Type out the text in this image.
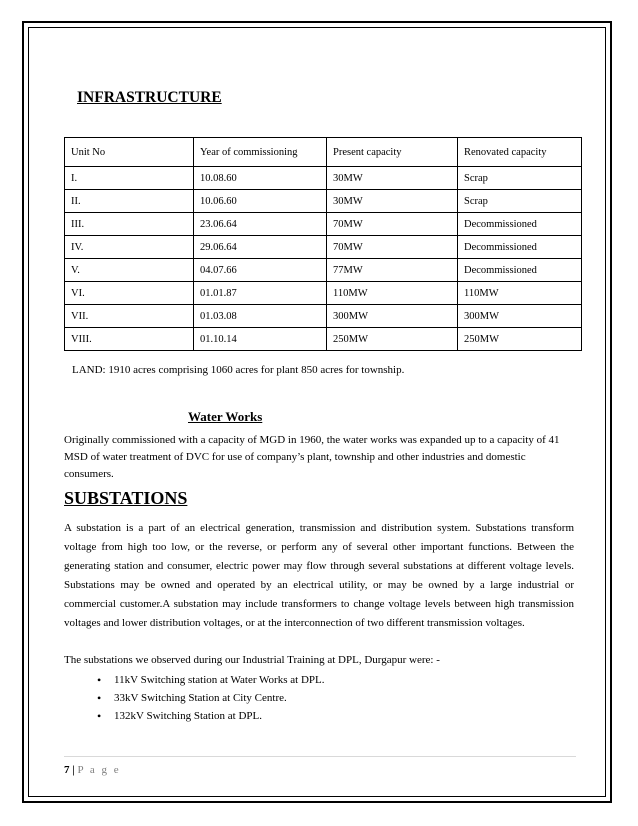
INFRASTRUCTURE
Unit No	Year of commissioning	Present capacity	Renovated capacity
I.	10.08.60	30MW	Scrap
II.	10.06.60	30MW	Scrap
III.	23.06.64	70MW	Decommissioned
IV.	29.06.64	70MW	Decommissioned
V.	04.07.66	77MW	Decommissioned
VI.	01.01.87	110MW	110MW
VII.	01.03.08	300MW	300MW
VIII.	01.10.14	250MW	250MW
LAND: 1910 acres comprising 1060 acres for plant 850 acres for township.
Water Works
Originally commissioned with a capacity of MGD in 1960, the water works was expanded up to a capacity of 41 MSD of water treatment of DVC for use of company’s plant, township and other industries and domestic consumers.
SUBSTATIONS
A substation is a part of an electrical generation, transmission and distribution system. Substations transform voltage from high too low, or the reverse, or perform any of several other important functions. Between the generating station and consumer, electric power may flow through several substations at different voltage levels. Substations may be owned and operated by an electrical utility, or may be owned by a large industrial or commercial customer.A substation may include transformers to change voltage levels between high transmission voltages and lower distribution voltages, or at the interconnection of two different transmission voltages.
The substations we observed during our Industrial Training at DPL, Durgapur were: -
• 11kV Switching station at Water Works at DPL.
• 33kV Switching Station at City Centre.
• 132kV Switching Station at DPL.
7 | P a g e
